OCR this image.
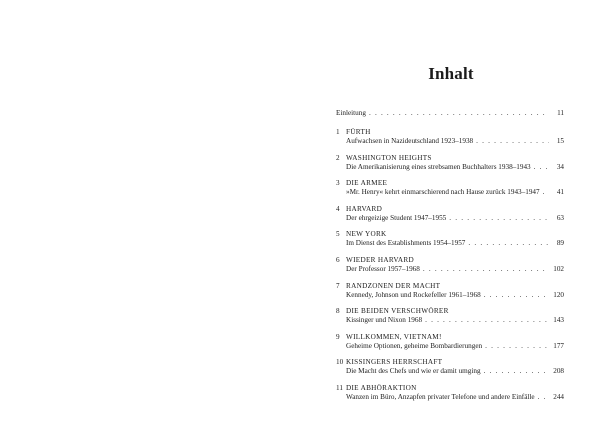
Inhalt
Einleitung . . .	11
1 FÜRTH
Aufwachsen in Nazideutschland 1923–1938 . . .	15
2 WASHINGTON HEIGHTS
Die Amerikanisierung eines strebsamen Buchhalters 1938–1943 . . .	34
3 DIE ARMEE
»Mr. Henry« kehrt einmarschierend nach Hause zurück 1943–1947 . . .	41
4 HARVARD
Der ehrgeizige Student 1947–1955 . . .	63
5 NEW YORK
Im Dienst des Establishments 1954–1957 . . .	89
6 WIEDER HARVARD
Der Professor 1957–1968 . . .	102
7 RANDZONEN DER MACHT
Kennedy, Johnson und Rockefeller 1961–1968 . . .	120
8 DIE BEIDEN VERSCHWÖRER
Kissinger und Nixon 1968 . . .	143
9 WILLKOMMEN, VIETNAM!
Geheime Optionen, geheime Bombardierungen . . .	177
10 KISSINGERS HERRSCHAFT
Die Macht des Chefs und wie er damit umging . . .	208
11 DIE ABHÖRAKTION
Wanzen im Büro, Anzapfen privater Telefone und andere Einfälle . . .	244
